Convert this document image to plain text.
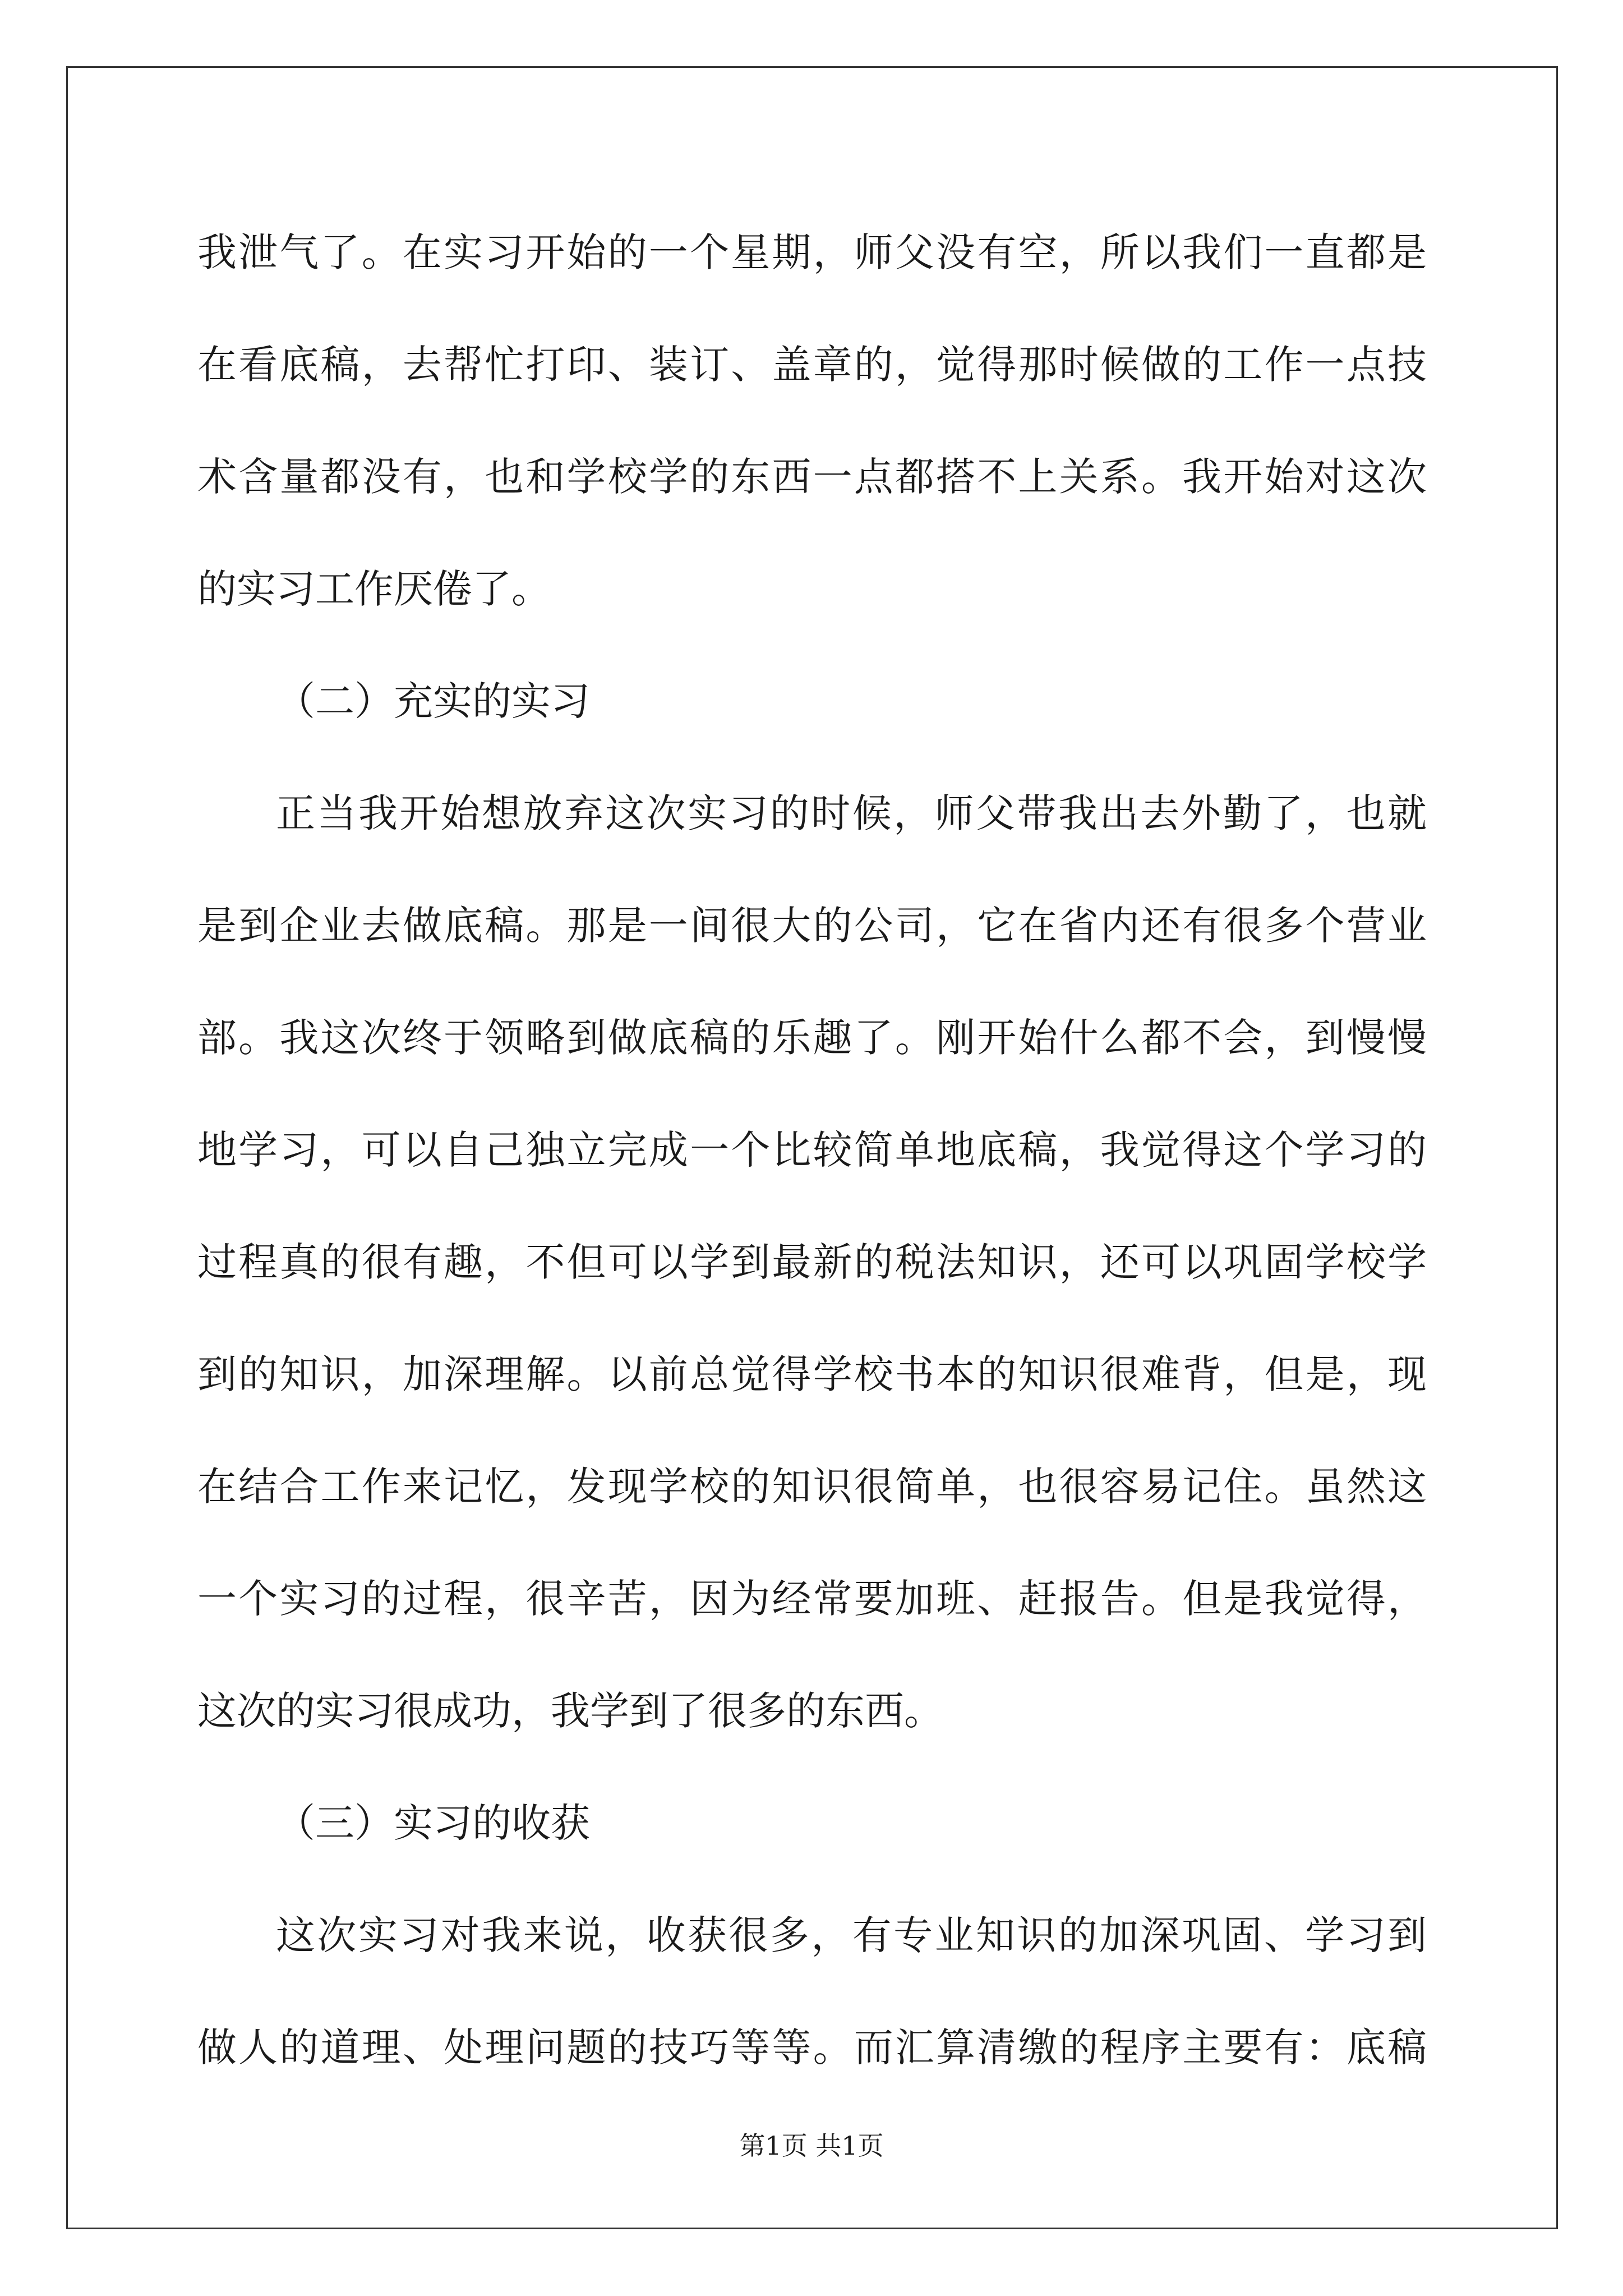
我泄气了。在实习开始的一个星期，师父没有空，所以我们一直都是
在看底稿，去帮忙打印、装订、盖章的，觉得那时候做的工作一点技
术含量都没有，也和学校学的东西一点都搭不上关系。我开始对这次
的实习工作厌倦了。
（二）充实的实习
正当我开始想放弃这次实习的时候，师父带我出去外勤了，也就
是到企业去做底稿。那是一间很大的公司，它在省内还有很多个营业
部。我这次终于领略到做底稿的乐趣了。刚开始什么都不会，到慢慢
地学习，可以自己独立完成一个比较简单地底稿，我觉得这个学习的
过程真的很有趣，不但可以学到最新的税法知识，还可以巩固学校学
到的知识，加深理解。以前总觉得学校书本的知识很难背，但是，现
在结合工作来记忆，发现学校的知识很简单，也很容易记住。虽然这
一个实习的过程，很辛苦，因为经常要加班、赶报告。但是我觉得，
这次的实习很成功，我学到了很多的东西。
（三）实习的收获
这次实习对我来说，收获很多，有专业知识的加深巩固、学习到
做人的道理、处理问题的技巧等等。而汇算清缴的程序主要有：底稿
第1页 共1页
